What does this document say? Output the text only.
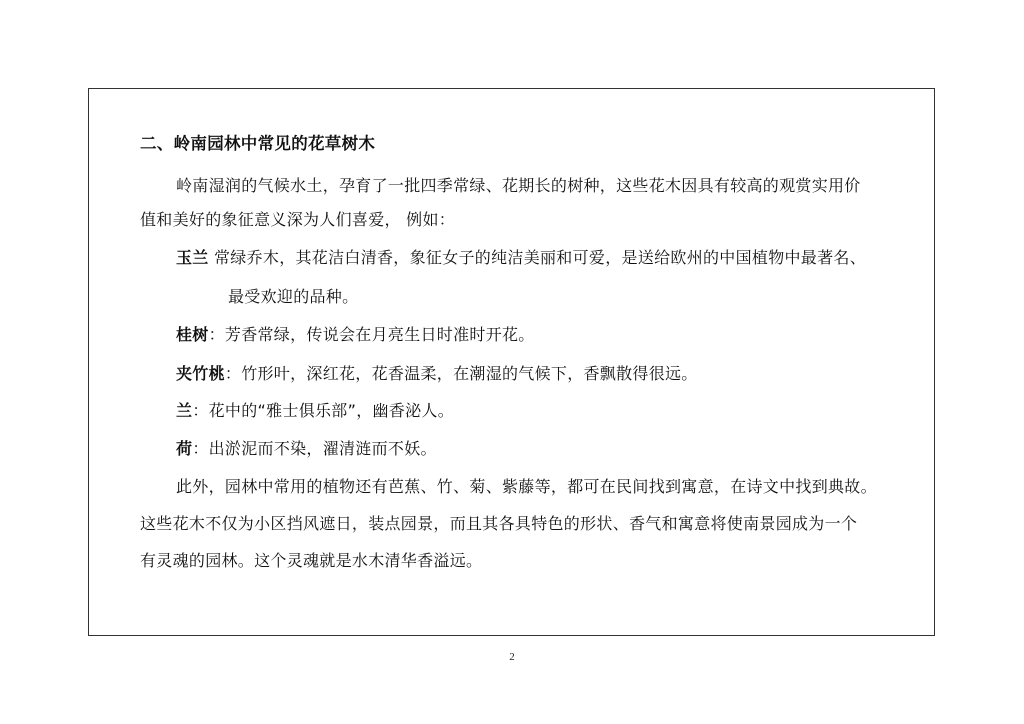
二、岭南园林中常见的花草树木
岭南湿润的气候水土，孕育了一批四季常绿、花期长的树种，这些花木因具有较高的观赏实用价
值和美好的象征意义深为人们喜爱， 例如：
玉兰 常绿乔木，其花洁白清香，象征女子的纯洁美丽和可爱，是送给欧州的中国植物中最著名、
最受欢迎的品种。
桂树：芳香常绿，传说会在月亮生日时准时开花。
夹竹桃：竹形叶，深红花，花香温柔，在潮湿的气候下，香飘散得很远。
兰：花中的“雅士俱乐部”，幽香泌人。
荷：出淤泥而不染，濯清涟而不妖。
此外，园林中常用的植物还有芭蕉、竹、菊、紫藤等，都可在民间找到寓意，在诗文中找到典故。
这些花木不仅为小区挡风遮日，装点园景，而且其各具特色的形状、香气和寓意将使南景园成为一个
有灵魂的园林。这个灵魂就是水木清华香溢远。
2
